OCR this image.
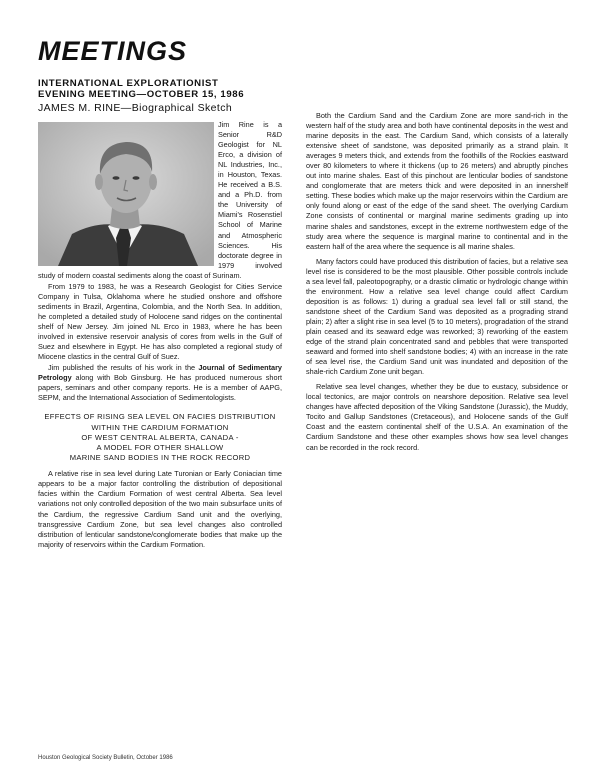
MEETINGS
INTERNATIONAL EXPLORATIONIST
EVENING MEETING—OCTOBER 15, 1986
JAMES M. RINE—Biographical Sketch

Jim Rine is a Senior R&D Geologist for NL Erco, a division of NL Industries, Inc., in Houston, Texas. He received a B.S. and a Ph.D. from the University of Miami's Rosenstiel School of Marine and Atmospheric Sciences. His doctorate degree in 1979 involved study of modern coastal sediments along the coast of Surinam.

From 1979 to 1983, he was a Research Geologist for Cities Service Company in Tulsa, Oklahoma where he studied onshore and offshore sediments in Brazil, Argentina, Colombia, and the North Sea. In addition, he completed a detailed study of Holocene sand ridges on the continental shelf of New Jersey. Jim joined NL Erco in 1983, where he has been involved in extensive reservoir analysis of cores from wells in the Gulf of Suez and elsewhere in Egypt. He has also completed a regional study of Miocene clastics in the central Gulf of Suez.

Jim published the results of his work in the Journal of Sedimentary Petrology along with Bob Ginsburg. He has produced numerous short papers, seminars and other company reports. He is a member of AAPG, SEPM, and the International Association of Sedimentologists.

EFFECTS OF RISING SEA LEVEL ON FACIES DISTRIBUTION
WITHIN THE CARDIUM FORMATION
OF WEST CENTRAL ALBERTA, CANADA -
A MODEL FOR OTHER SHALLOW
MARINE SAND BODIES IN THE ROCK RECORD

A relative rise in sea level during Late Turonian or Early Coniacian time appears to be a major factor controlling the distribution of depositional facies within the Cardium Formation of west central Alberta. Sea level variations not only controlled deposition of the two main subsurface units of the Cardium, the regressive Cardium Sand unit and the overlying, transgressive Cardium Zone, but sea level changes also controlled distribution of lenticular sandstone/conglomerate bodies that make up the majority of reservoirs within the Cardium Formation.

Both the Cardium Sand and the Cardium Zone are more sand-rich in the western half of the study area and both have continental deposits in the west and marine deposits in the east. The Cardium Sand, which consists of a laterally extensive sheet of sandstone, was deposited primarily as a strand plain. It averages 9 meters thick, and extends from the foothills of the Rockies eastward over 80 kilometers to where it thickens (up to 26 meters) and abruptly pinches out into marine shales. East of this pinchout are lenticular bodies of sandstone and conglomerate that are meters thick and were deposited in an innershelf setting. These bodies which make up the major reservoirs within the Cardium are only found along or east of the edge of the sand sheet. The overlying Cardium Zone consists of continental or marginal marine sediments grading up into marine shales and sandstones, except in the extreme northwestern edge of the study area where the sequence is marginal marine to continental and in the eastern half of the area where the sequence is all marine shales.

Many factors could have produced this distribution of facies, but a relative sea level rise is considered to be the most plausible. Other possible controls include a sea level fall, paleotopography, or a drastic climatic or hydrologic change within the environment. How a relative sea level change could affect Cardium deposition is as follows: 1) during a gradual sea level fall or still stand, the sandstone sheet of the Cardium Sand was deposited as a prograding strand plain; 2) after a slight rise in sea level (5 to 10 meters), progradation of the strand plain ceased and its seaward edge was reworked; 3) reworking of the eastern edge of the strand plain concentrated sand and pebbles that were transported seaward and formed into shelf sandstone bodies; 4) with an increase in the rate of sea level rise, the Cardium Sand unit was inundated and deposition of the shale-rich Cardium Zone unit began.

Relative sea level changes, whether they be due to eustacy, subsidence or local tectonics, are major controls on nearshore deposition. Relative sea level changes have affected deposition of the Viking Sandstone (Jurassic), the Muddy, Tocito and Gallup Sandstones (Cretaceous), and Holocene sands of the Gulf Coast and the eastern continental shelf of the U.S.A. An examination of the Cardium Sandstone and these other examples shows how sea level changes can be recorded in the rock record.

Houston Geological Society Bulletin, October 1986
